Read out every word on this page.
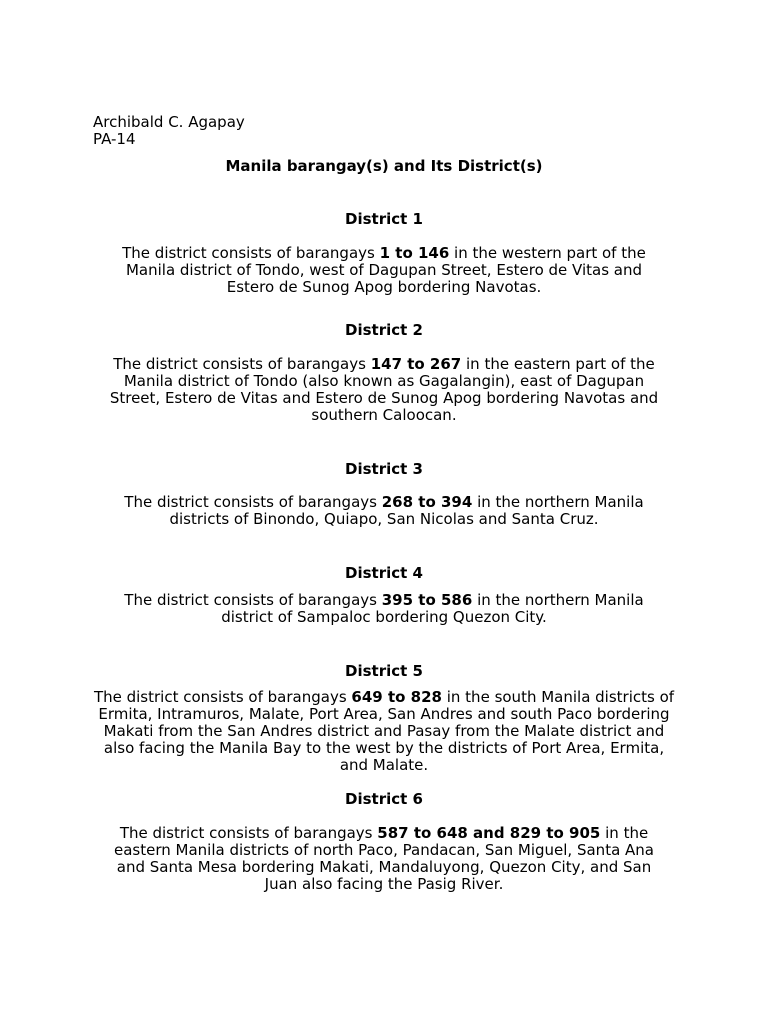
Archibald C. Agapay
PA-14
Manila barangay(s) and Its District(s)
District 1
The district consists of barangays 1 to 146 in the western part of the Manila district of Tondo, west of Dagupan Street, Estero de Vitas and Estero de Sunog Apog bordering Navotas.
District 2
The district consists of barangays 147 to 267 in the eastern part of the Manila district of Tondo (also known as Gagalangin), east of Dagupan Street, Estero de Vitas and Estero de Sunog Apog bordering Navotas and southern Caloocan.
District 3
The district consists of barangays 268 to 394 in the northern Manila districts of Binondo, Quiapo, San Nicolas and Santa Cruz.
District 4
The district consists of barangays 395 to 586 in the northern Manila district of Sampaloc bordering Quezon City.
District 5
The district consists of barangays 649 to 828 in the south Manila districts of Ermita, Intramuros, Malate, Port Area, San Andres and south Paco bordering Makati from the San Andres district and Pasay from the Malate district and also facing the Manila Bay to the west by the districts of Port Area, Ermita, and Malate.
District 6
The district consists of barangays 587 to 648 and 829 to 905 in the eastern Manila districts of north Paco, Pandacan, San Miguel, Santa Ana and Santa Mesa bordering Makati, Mandaluyong, Quezon City, and San Juan also facing the Pasig River.
